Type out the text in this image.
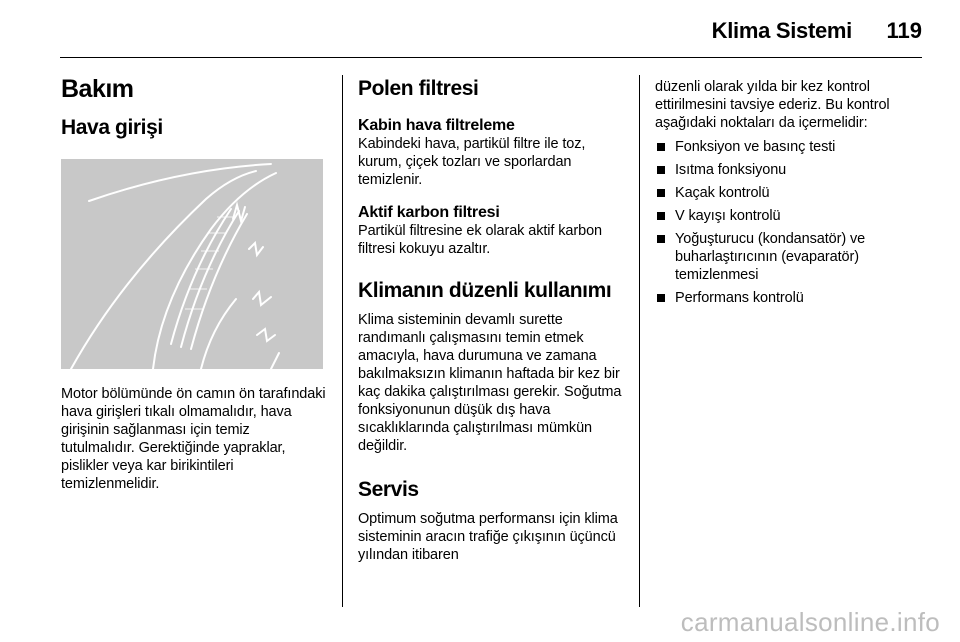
Klima Sistemi 119
Bakım
Hava girişi

Motor bölümünde ön camın ön tarafındaki hava girişleri tıkalı olmamalıdır, hava girişinin sağlanması için temiz tutulmalıdır. Gerektiğinde yapraklar, pislikler veya kar birikintileri temizlenmelidir.

Polen filtresi
Kabin hava filtreleme

Kabindeki hava, partikül filtre ile toz, kurum, çiçek tozları ve sporlardan temizlenir.

Aktif karbon filtresi

Partikül filtresine ek olarak aktif karbon filtresi kokuyu azaltır.

Klimanın düzenli kullanımı

Klima sisteminin devamlı surette randımanlı çalışmasını temin etmek amacıyla, hava durumuna ve zamana bakılmaksızın klimanın haftada bir kez bir kaç dakika çalıştırılması gerekir. Soğutma fonksiyonunun düşük dış hava sıcaklıklarında çalıştırılması mümkün değildir.

Servis

Optimum soğutma performansı için klima sisteminin aracın trafiğe çıkışının üçüncü yılından itibaren

düzenli olarak yılda bir kez kontrol ettirilmesini tavsiye ederiz. Bu kontrol aşağıdaki noktaları da içermelidir:

Fonksiyon ve basınç testi
Isıtma fonksiyonu
Kaçak kontrolü
V kayışı kontrolü
Yoğuşturucu (kondansatör) ve buharlaştırıcının (evaparatör) temizlenmesi
Performans kontrolü
carmanualsonline.info
